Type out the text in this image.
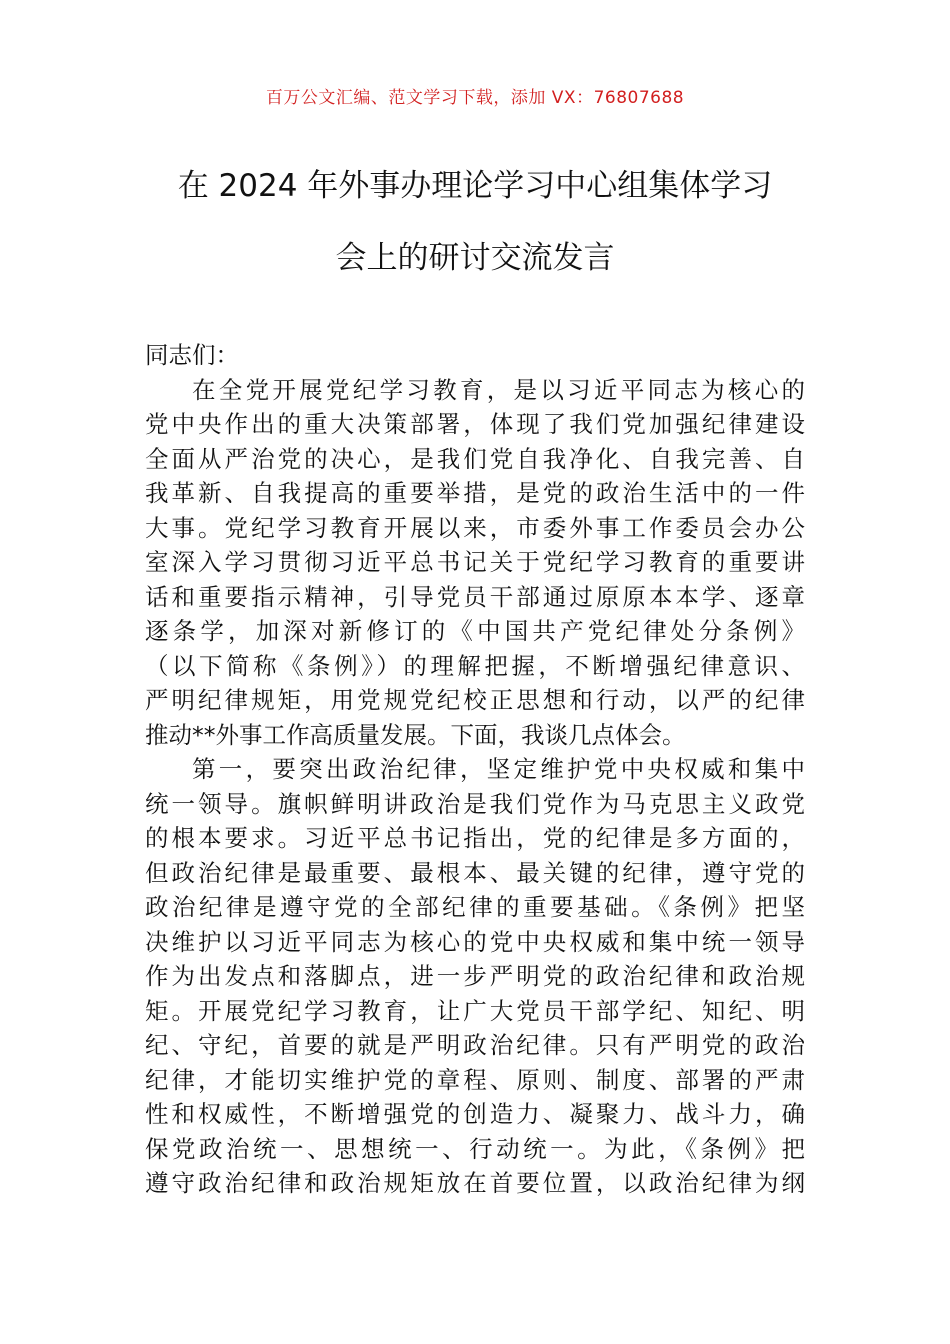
百万公文汇编、范文学习下载，添加 VX：76807688
在 2024 年外事办理论学习中心组集体学习
会上的研讨交流发言

同志们：

在全党开展党纪学习教育，是以习近平同志为核心的
党中央作出的重大决策部署，体现了我们党加强纪律建设
全面从严治党的决心，是我们党自我净化、自我完善、自
我革新、自我提高的重要举措，是党的政治生活中的一件
大事。党纪学习教育开展以来，市委外事工作委员会办公
室深入学习贯彻习近平总书记关于党纪学习教育的重要讲
话和重要指示精神，引导党员干部通过原原本本学、逐章
逐条学，加深对新修订的《中国共产党纪律处分条例》
（以下简称《条例》）的理解把握，不断增强纪律意识、
严明纪律规矩，用党规党纪校正思想和行动，以严的纪律
推动**外事工作高质量发展。下面，我谈几点体会。

第一，要突出政治纪律，坚定维护党中央权威和集中
统一领导。旗帜鲜明讲政治是我们党作为马克思主义政党
的根本要求。习近平总书记指出，党的纪律是多方面的，
但政治纪律是最重要、最根本、最关键的纪律，遵守党的
政治纪律是遵守党的全部纪律的重要基础。《条例》把坚
决维护以习近平同志为核心的党中央权威和集中统一领导
作为出发点和落脚点，进一步严明党的政治纪律和政治规
矩。开展党纪学习教育，让广大党员干部学纪、知纪、明
纪、守纪，首要的就是严明政治纪律。只有严明党的政治
纪律，才能切实维护党的章程、原则、制度、部署的严肃
性和权威性，不断增强党的创造力、凝聚力、战斗力，确
保党政治统一、思想统一、行动统一。为此，《条例》把
遵守政治纪律和政治规矩放在首要位置，以政治纪律为纲
